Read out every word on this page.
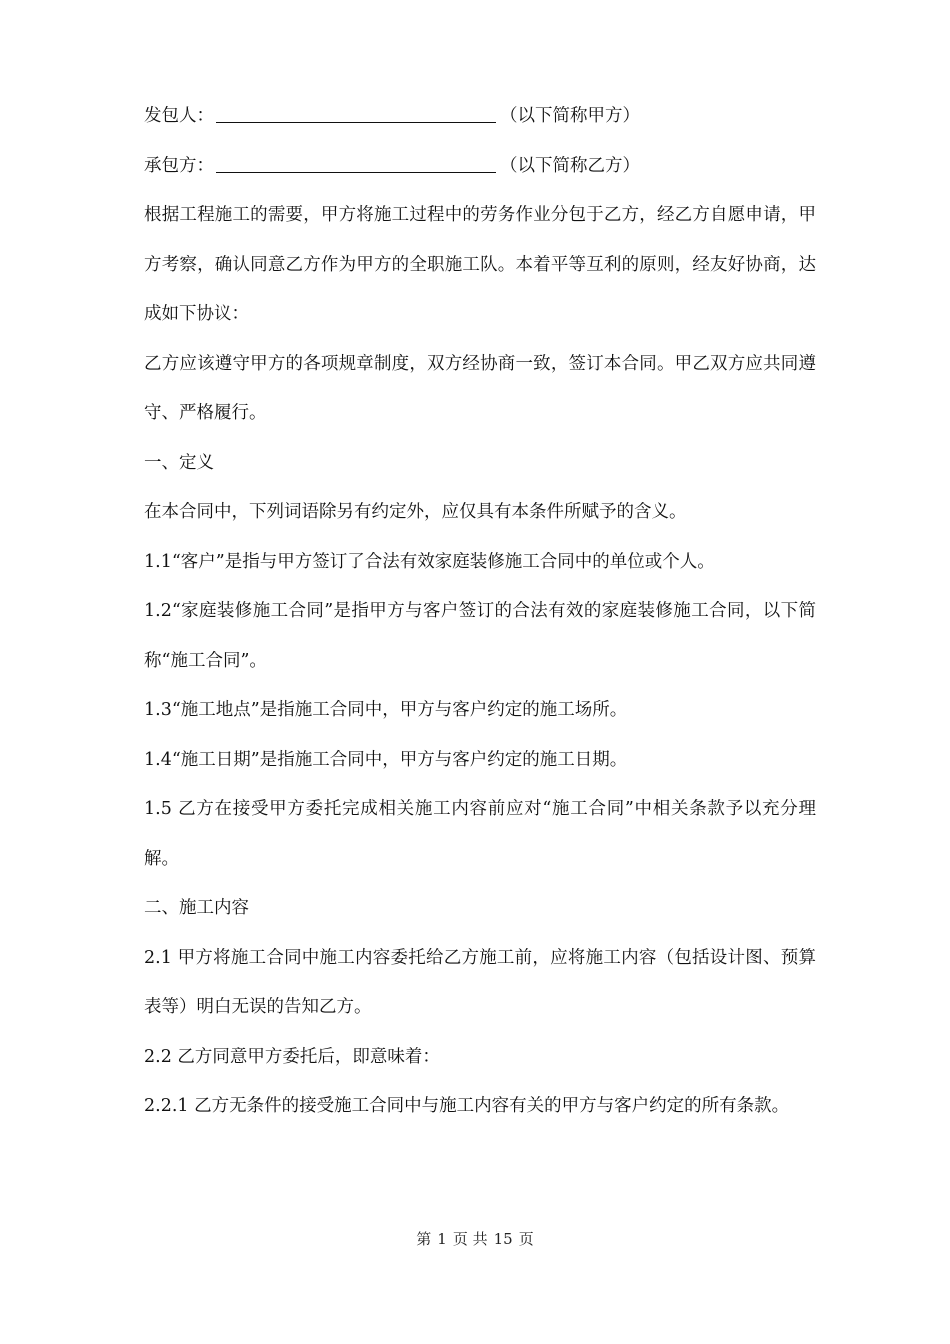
发包人：	（以下简称甲方）
承包方：	（以下简称乙方）
根据工程施工的需要，甲方将施工过程中的劳务作业分包于乙方，经乙方自愿申请，甲方考察，确认同意乙方作为甲方的全职施工队。本着平等互利的原则，经友好协商，达成如下协议：
乙方应该遵守甲方的各项规章制度，双方经协商一致，签订本合同。甲乙双方应共同遵守、严格履行。
一、定义
在本合同中，下列词语除另有约定外，应仅具有本条件所赋予的含义。
1.1“客户”是指与甲方签订了合法有效家庭装修施工合同中的单位或个人。
1.2“家庭装修施工合同”是指甲方与客户签订的合法有效的家庭装修施工合同，以下简称“施工合同”。
1.3“施工地点”是指施工合同中，甲方与客户约定的施工场所。
1.4“施工日期”是指施工合同中，甲方与客户约定的施工日期。
1.5 乙方在接受甲方委托完成相关施工内容前应对“施工合同”中相关条款予以充分理解。
二、施工内容
2.1 甲方将施工合同中施工内容委托给乙方施工前，应将施工内容（包括设计图、预算表等）明白无误的告知乙方。
2.2 乙方同意甲方委托后，即意味着：
2.2.1 乙方无条件的接受施工合同中与施工内容有关的甲方与客户约定的所有条款。
第 1 页 共 15 页
